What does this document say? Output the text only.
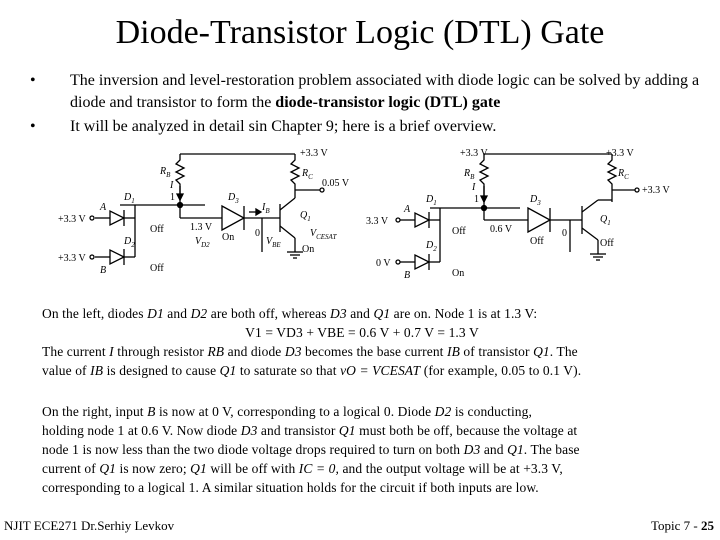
Diode-Transistor Logic (DTL) Gate
• The inversion and level-restoration problem associated with diode logic can be solved by adding a diode and transistor to form the diode-transistor logic (DTL) gate
• It will be analyzed in detail sin Chapter 9; here is a brief overview.
+3.3 V
$R_B$	$R_C$
0.05 V
$V_{CESAT}$
+3.3 V
A
+3.3 V
B
$D_1$
$D_2$
$D_3$
$Q_1$
1
Off
Off
On
On
I
$I_B$
1.3 V
0
$V_{D2}$	$V_{BE}$
+3.3 V
+3.3 V
$R_B$	$R_C$
+3.3 V
3.3 V
A
0 V
B
$D_1$
$D_2$
$D_3$
$Q_1$
1
0.6 V	0
Off
Off	Off
On
I
On the left, diodes D1 and D2 are both off, whereas D3 and Q1 are on. Node 1 is at 1.3 V:
V1 = VD3 + VBE = 0.6 V + 0.7 V = 1.3 V
The current I through resistor RB and diode D3 becomes the base current IB of transistor Q1. The
value of IB is designed to cause Q1 to saturate so that vO = VCESAT (for example, 0.05 to 0.1 V).
On the right, input B is now at 0 V, corresponding to a logical 0. Diode D2 is conducting,
holding node 1 at 0.6 V. Now diode D3 and transistor Q1 must both be off, because the voltage at
node 1 is now less than the two diode voltage drops required to turn on both D3 and Q1. The base
current of Q1 is now zero; Q1 will be off with IC = 0, and the output voltage will be at +3.3 V,
corresponding to a logical 1. A similar situation holds for the circuit if both inputs are low.
NJIT ECE271 Dr.Serhiy Levkov	Topic 7 - 25
